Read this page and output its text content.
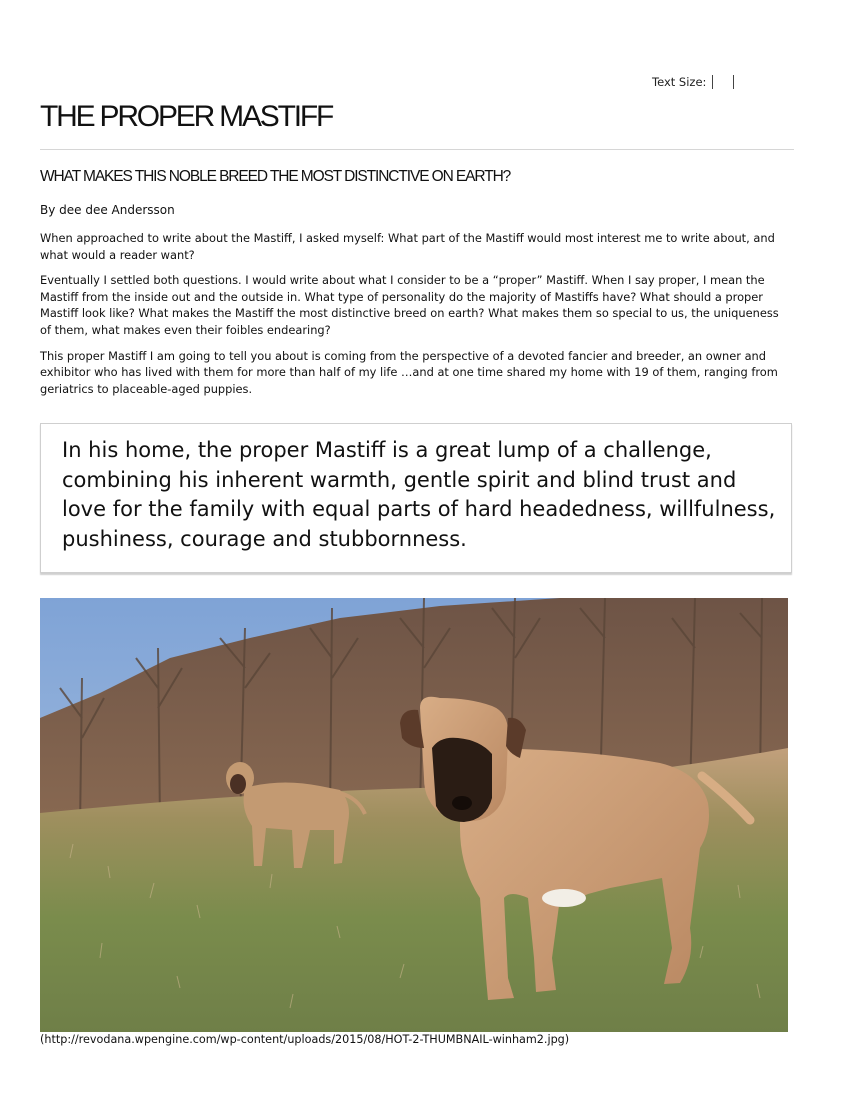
Text Size:
THE PROPER MASTIFF
WHAT MAKES THIS NOBLE BREED THE MOST DISTINCTIVE ON EARTH?
By dee dee Andersson

When approached to write about the Mastiff, I asked myself: What part of the Mastiff would most interest me to write about, and what would a reader want?

Eventually I settled both questions. I would write about what I consider to be a “proper” Mastiff. When I say proper, I mean the Mastiff from the inside out and the outside in. What type of personality do the majority of Mastiffs have? What should a proper Mastiff look like? What makes the Mastiff the most distinctive breed on earth? What makes them so special to us, the uniqueness of them, what makes even their foibles endearing?

This proper Mastiff I am going to tell you about is coming from the perspective of a devoted fancier and breeder, an owner and exhibitor who has lived with them for more than half of my life …and at one time shared my home with 19 of them, ranging from geriatrics to placeable-aged puppies.

In his home, the proper Mastiff is a great lump of a challenge, combining his inherent warmth, gentle spirit and blind trust and love for the family with equal parts of hard headedness, willfulness, pushiness, courage and stubbornness.

(http://revodana.wpengine.com/wp-content/uploads/2015/08/HOT-2-THUMBNAIL-winham2.jpg)
